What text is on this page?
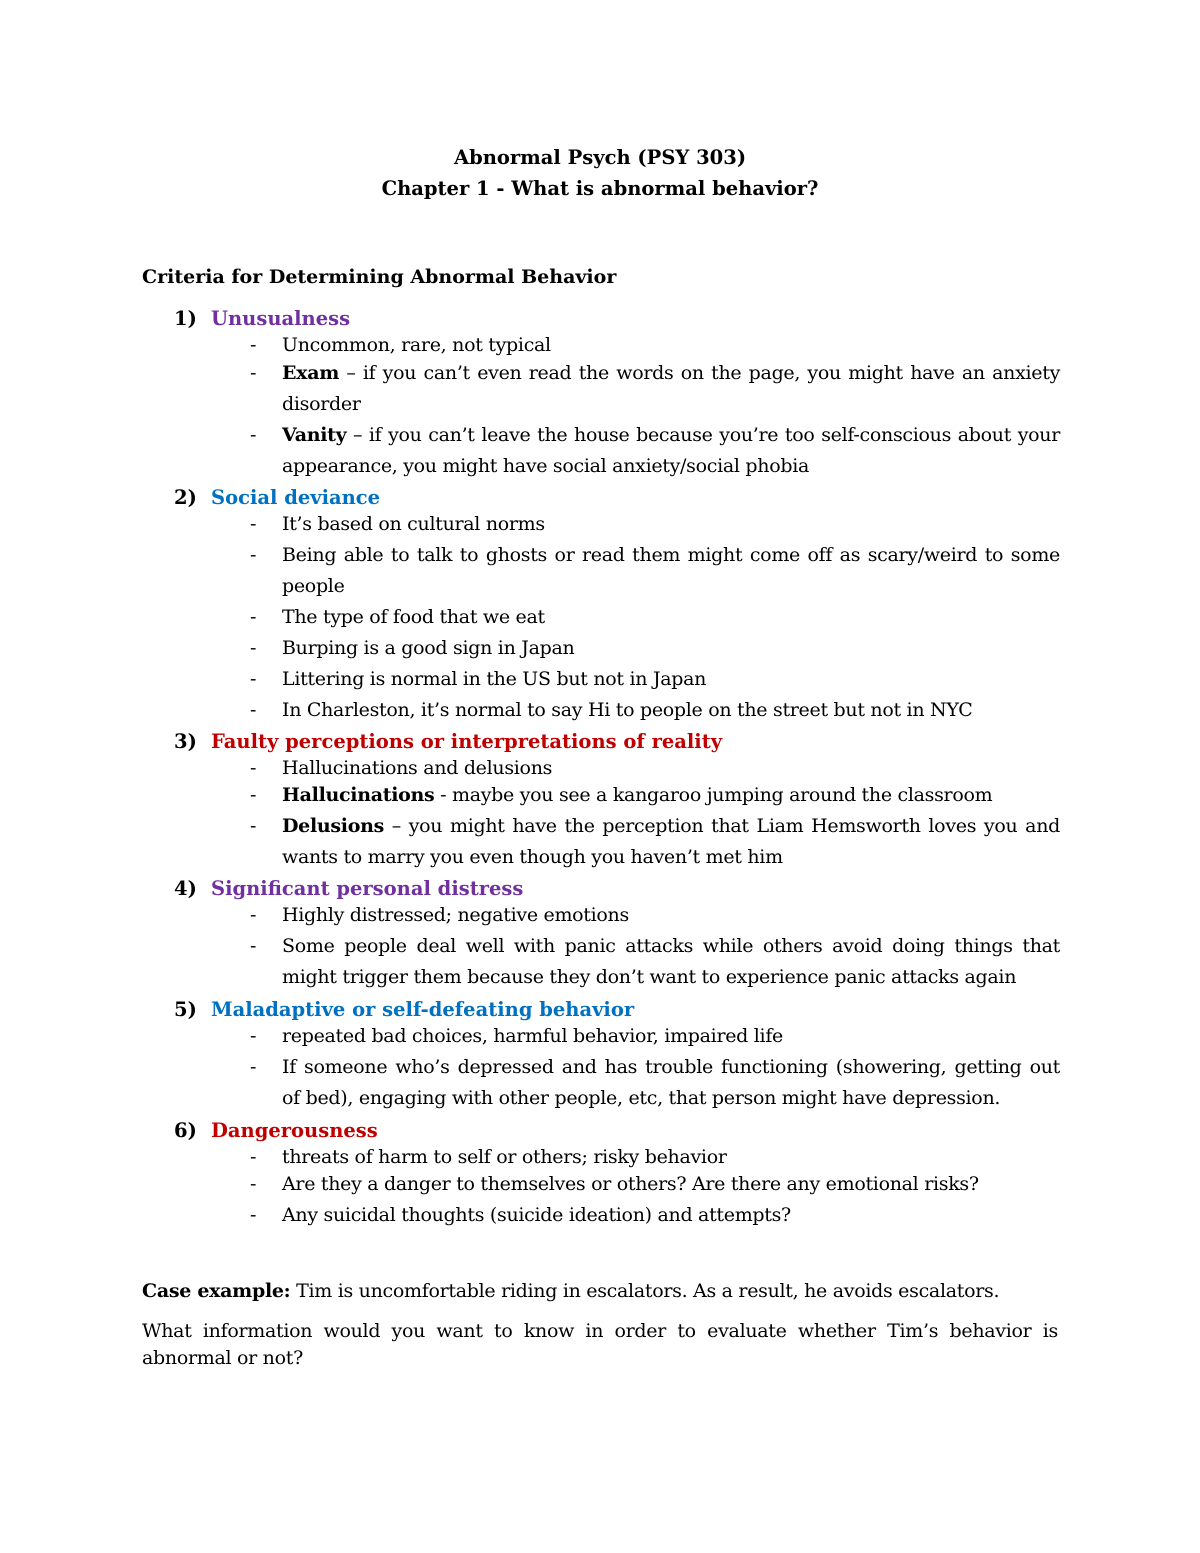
Abnormal Psych (PSY 303)
Chapter 1 - What is abnormal behavior?
Criteria for Determining Abnormal Behavior
1) Unusualness
- Uncommon, rare, not typical
- Exam – if you can’t even read the words on the page, you might have an anxiety disorder
- Vanity – if you can’t leave the house because you’re too self-conscious about your appearance, you might have social anxiety/social phobia
2) Social deviance
- It’s based on cultural norms
- Being able to talk to ghosts or read them might come off as scary/weird to some people
- The type of food that we eat
- Burping is a good sign in Japan
- Littering is normal in the US but not in Japan
- In Charleston, it’s normal to say Hi to people on the street but not in NYC
3) Faulty perceptions or interpretations of reality
- Hallucinations and delusions
- Hallucinations - maybe you see a kangaroo jumping around the classroom
- Delusions – you might have the perception that Liam Hemsworth loves you and wants to marry you even though you haven’t met him
4) Significant personal distress
- Highly distressed; negative emotions
- Some people deal well with panic attacks while others avoid doing things that might trigger them because they don’t want to experience panic attacks again
5) Maladaptive or self-defeating behavior
- repeated bad choices, harmful behavior, impaired life
- If someone who’s depressed and has trouble functioning (showering, getting out of bed), engaging with other people, etc, that person might have depression.
6) Dangerousness
- threats of harm to self or others; risky behavior
- Are they a danger to themselves or others? Are there any emotional risks?
- Any suicidal thoughts (suicide ideation) and attempts?
Case example: Tim is uncomfortable riding in escalators. As a result, he avoids escalators.
What information would you want to know in order to evaluate whether Tim’s behavior is abnormal or not?
